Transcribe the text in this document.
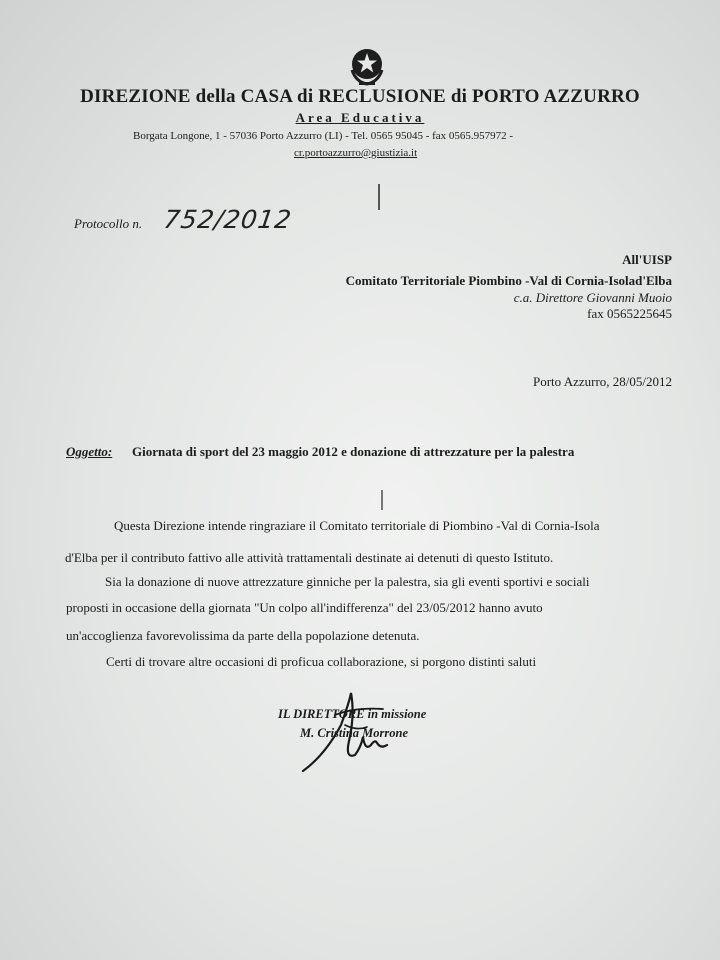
DIREZIONE della CASA di RECLUSIONE di PORTO AZZURRO
Area Educativa
Borgata Longone, 1 - 57036 Porto Azzurro (LI) - Tel. 0565 95045 - fax 0565.957972 -
cr.portoazzurro@giustizia.it
Protocollo n. 752/2012
All'UISP
Comitato Territoriale Piombino -Val di Cornia-Isolad'Elba
c.a. Direttore Giovanni Muoio
fax 0565225645
Porto Azzurro, 28/05/2012
Oggetto: Giornata di sport del 23 maggio 2012 e donazione di attrezzature per la palestra
Questa Direzione intende ringraziare il Comitato territoriale di Piombino -Val di Cornia-Isola
d'Elba per il contributo fattivo alle attività trattamentali destinate ai detenuti di questo Istituto.
Sia la donazione di nuove attrezzature ginniche per la palestra, sia gli eventi sportivi e sociali
proposti in occasione della giornata "Un colpo all'indifferenza" del 23/05/2012 hanno avuto
un'accoglienza favorevolissima da parte della popolazione detenuta.
Certi di trovare altre occasioni di proficua collaborazione, si porgono distinti saluti
IL DIRETTORE in missione
M. Cristina Morrone
